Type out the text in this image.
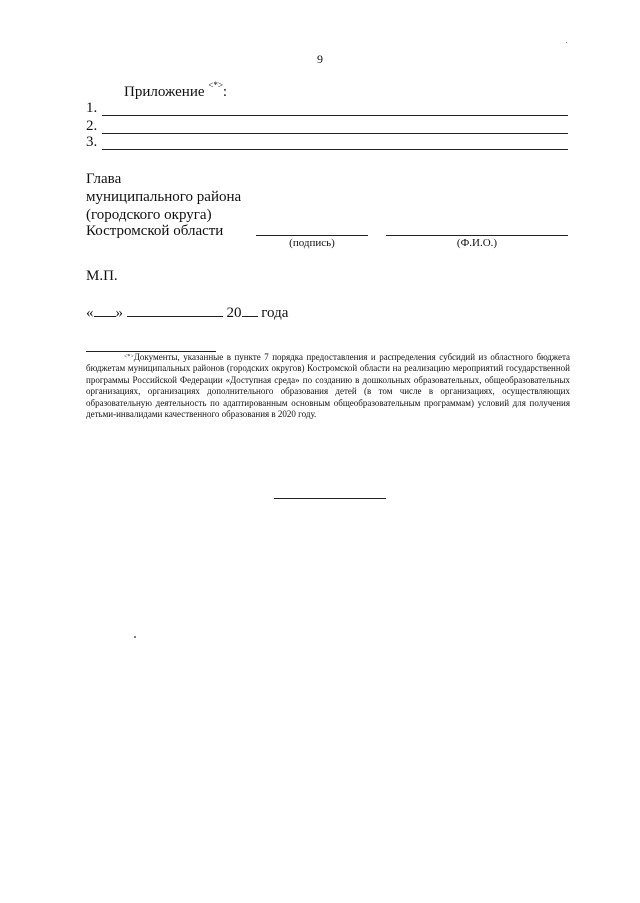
9
Приложение <*>:
1.
2.
3.
Глава
муниципального района
(городского округа)
Костромской области
(подпись)	(Ф.И.О.)
М.П.
« »	20 года
<*>Документы, указанные в пункте 7 порядка предоставления и распределения субсидий из областного бюджета бюджетам муниципальных районов (городских округов) Костромской области на реализацию мероприятий государственной программы Российской Федерации «Доступная среда» по созданию в дошкольных образовательных, общеобразовательных организациях, организациях дополнительного образования детей (в том числе в организациях, осуществляющих образовательную деятельность по адаптированным основным общеобразовательным программам) условий для получения детьми-инвалидами качественного образования в 2020 году.
